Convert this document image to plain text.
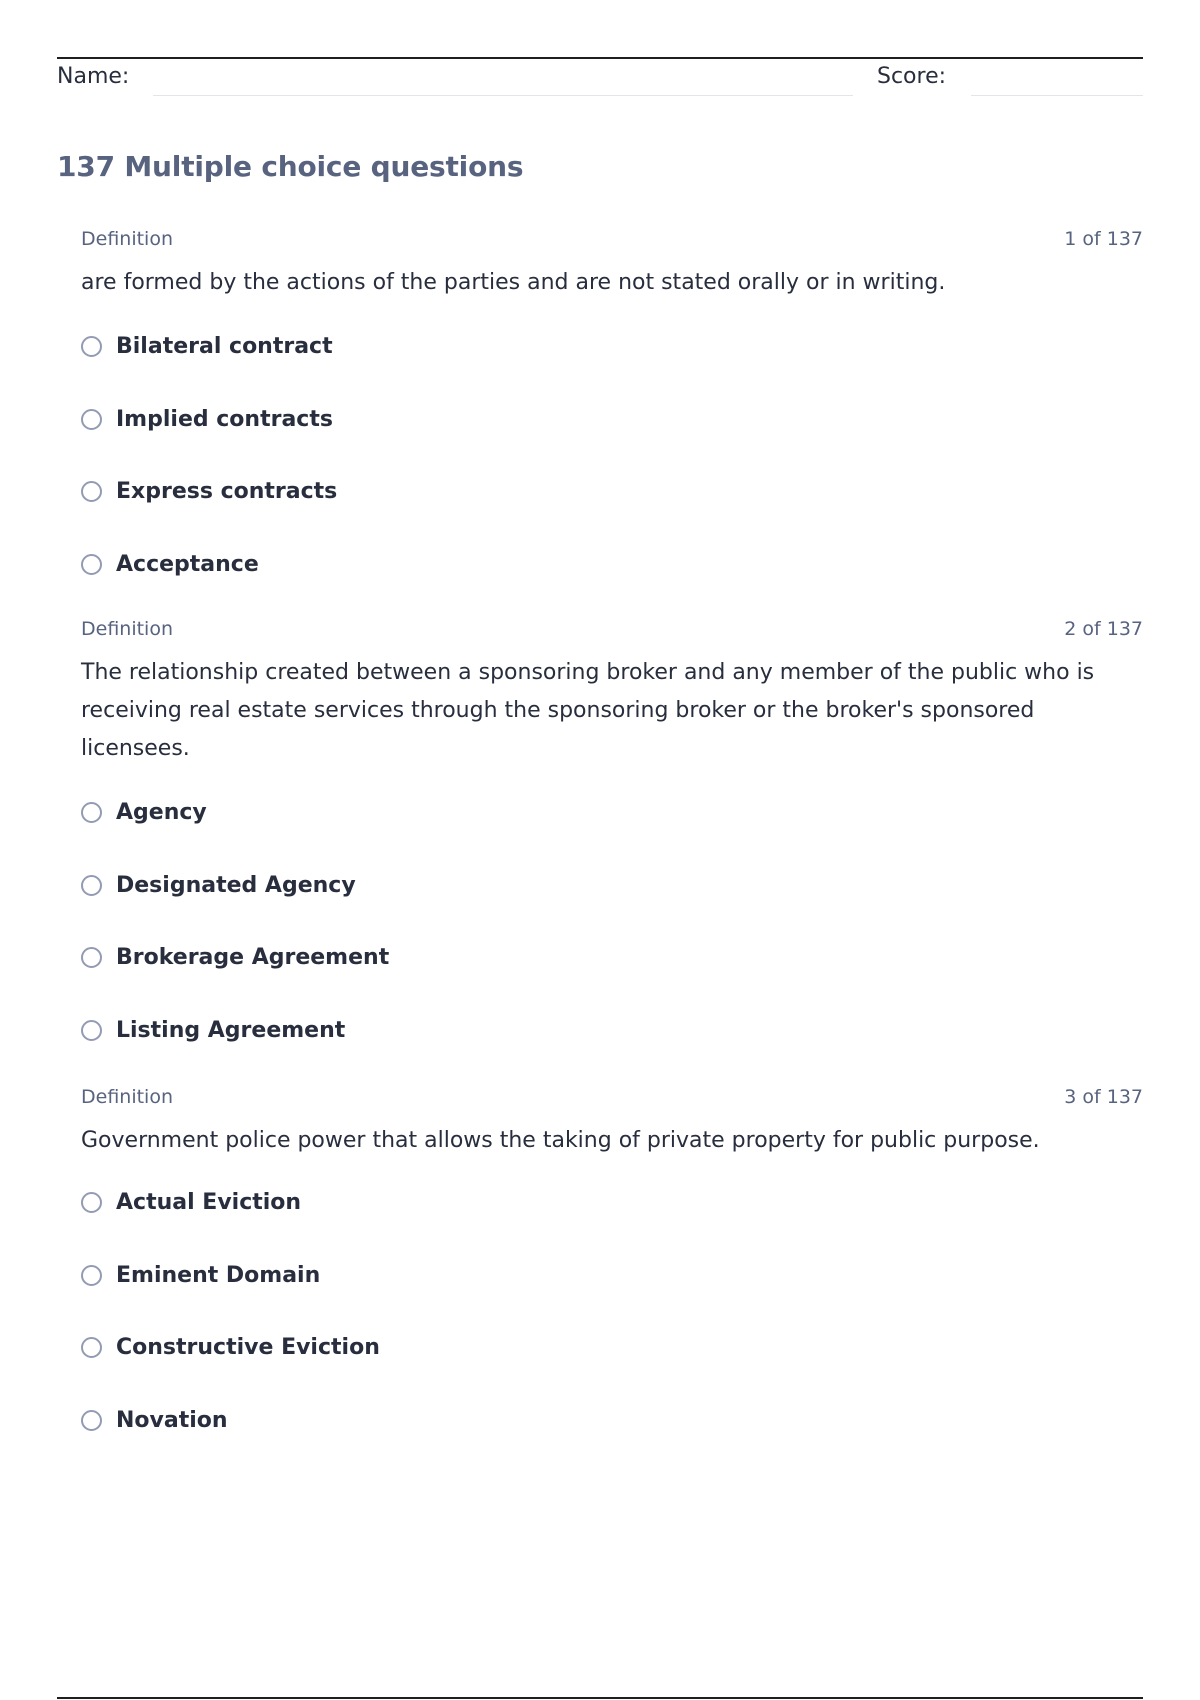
Name:	Score:
137 Multiple choice questions
Definition	1 of 137
are formed by the actions of the parties and are not stated orally or in writing.
Bilateral contract
Implied contracts
Express contracts
Acceptance
Definition	2 of 137
The relationship created between a sponsoring broker and any member of the public who is receiving real estate services through the sponsoring broker or the broker's sponsored licensees.
Agency
Designated Agency
Brokerage Agreement
Listing Agreement
Definition	3 of 137
Government police power that allows the taking of private property for public purpose.
Actual Eviction
Eminent Domain
Constructive Eviction
Novation
